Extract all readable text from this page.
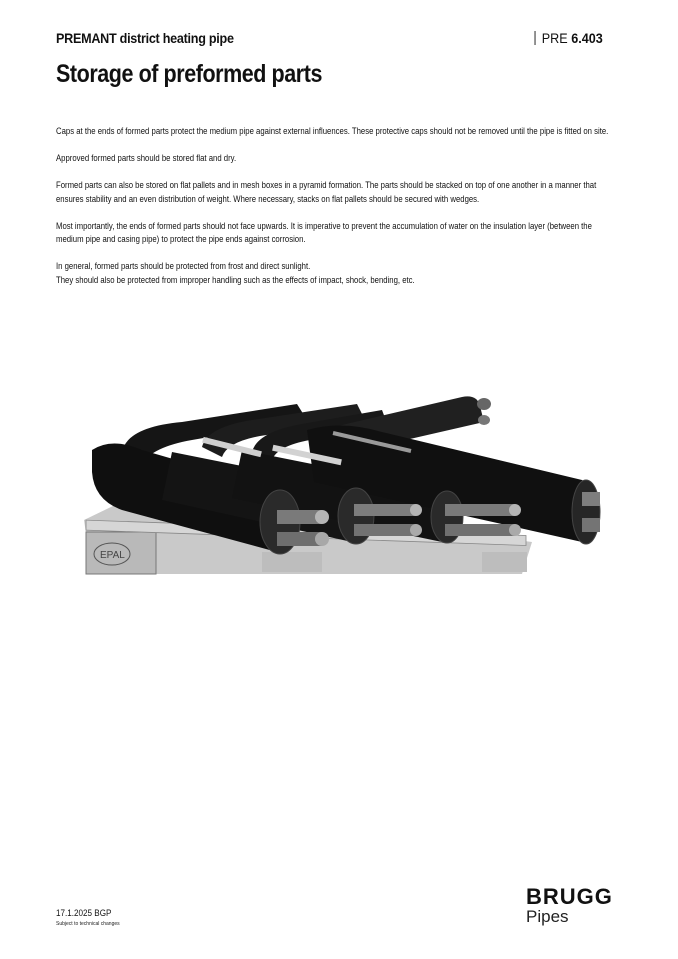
PREMANT district heating pipe	PRE 6.403
Storage of preformed parts

Caps at the ends of formed parts protect the medium pipe against external influences. These protective caps should not be removed until the pipe is fitted on site.

Approved formed parts should be stored flat and dry.

Formed parts can also be stored on flat pallets and in mesh boxes in a pyramid formation. The parts should be stacked on top of one another in a manner that ensures stability and an even distribution of weight. Where necessary, stacks on flat pallets should be secured with wedges.

Most importantly, the ends of formed parts should not face upwards. It is imperative to prevent the accumulation of water on the insulation layer (between the medium pipe and casing pipe) to protect the pipe ends against corrosion.

In general, formed parts should be protected from frost and direct sunlight.
They should also be protected from improper handling such as the effects of impact, shock, bending, etc.

EPAL
17.1.2025 BGP
Subject to technical changes
BRUGG
Pipes
